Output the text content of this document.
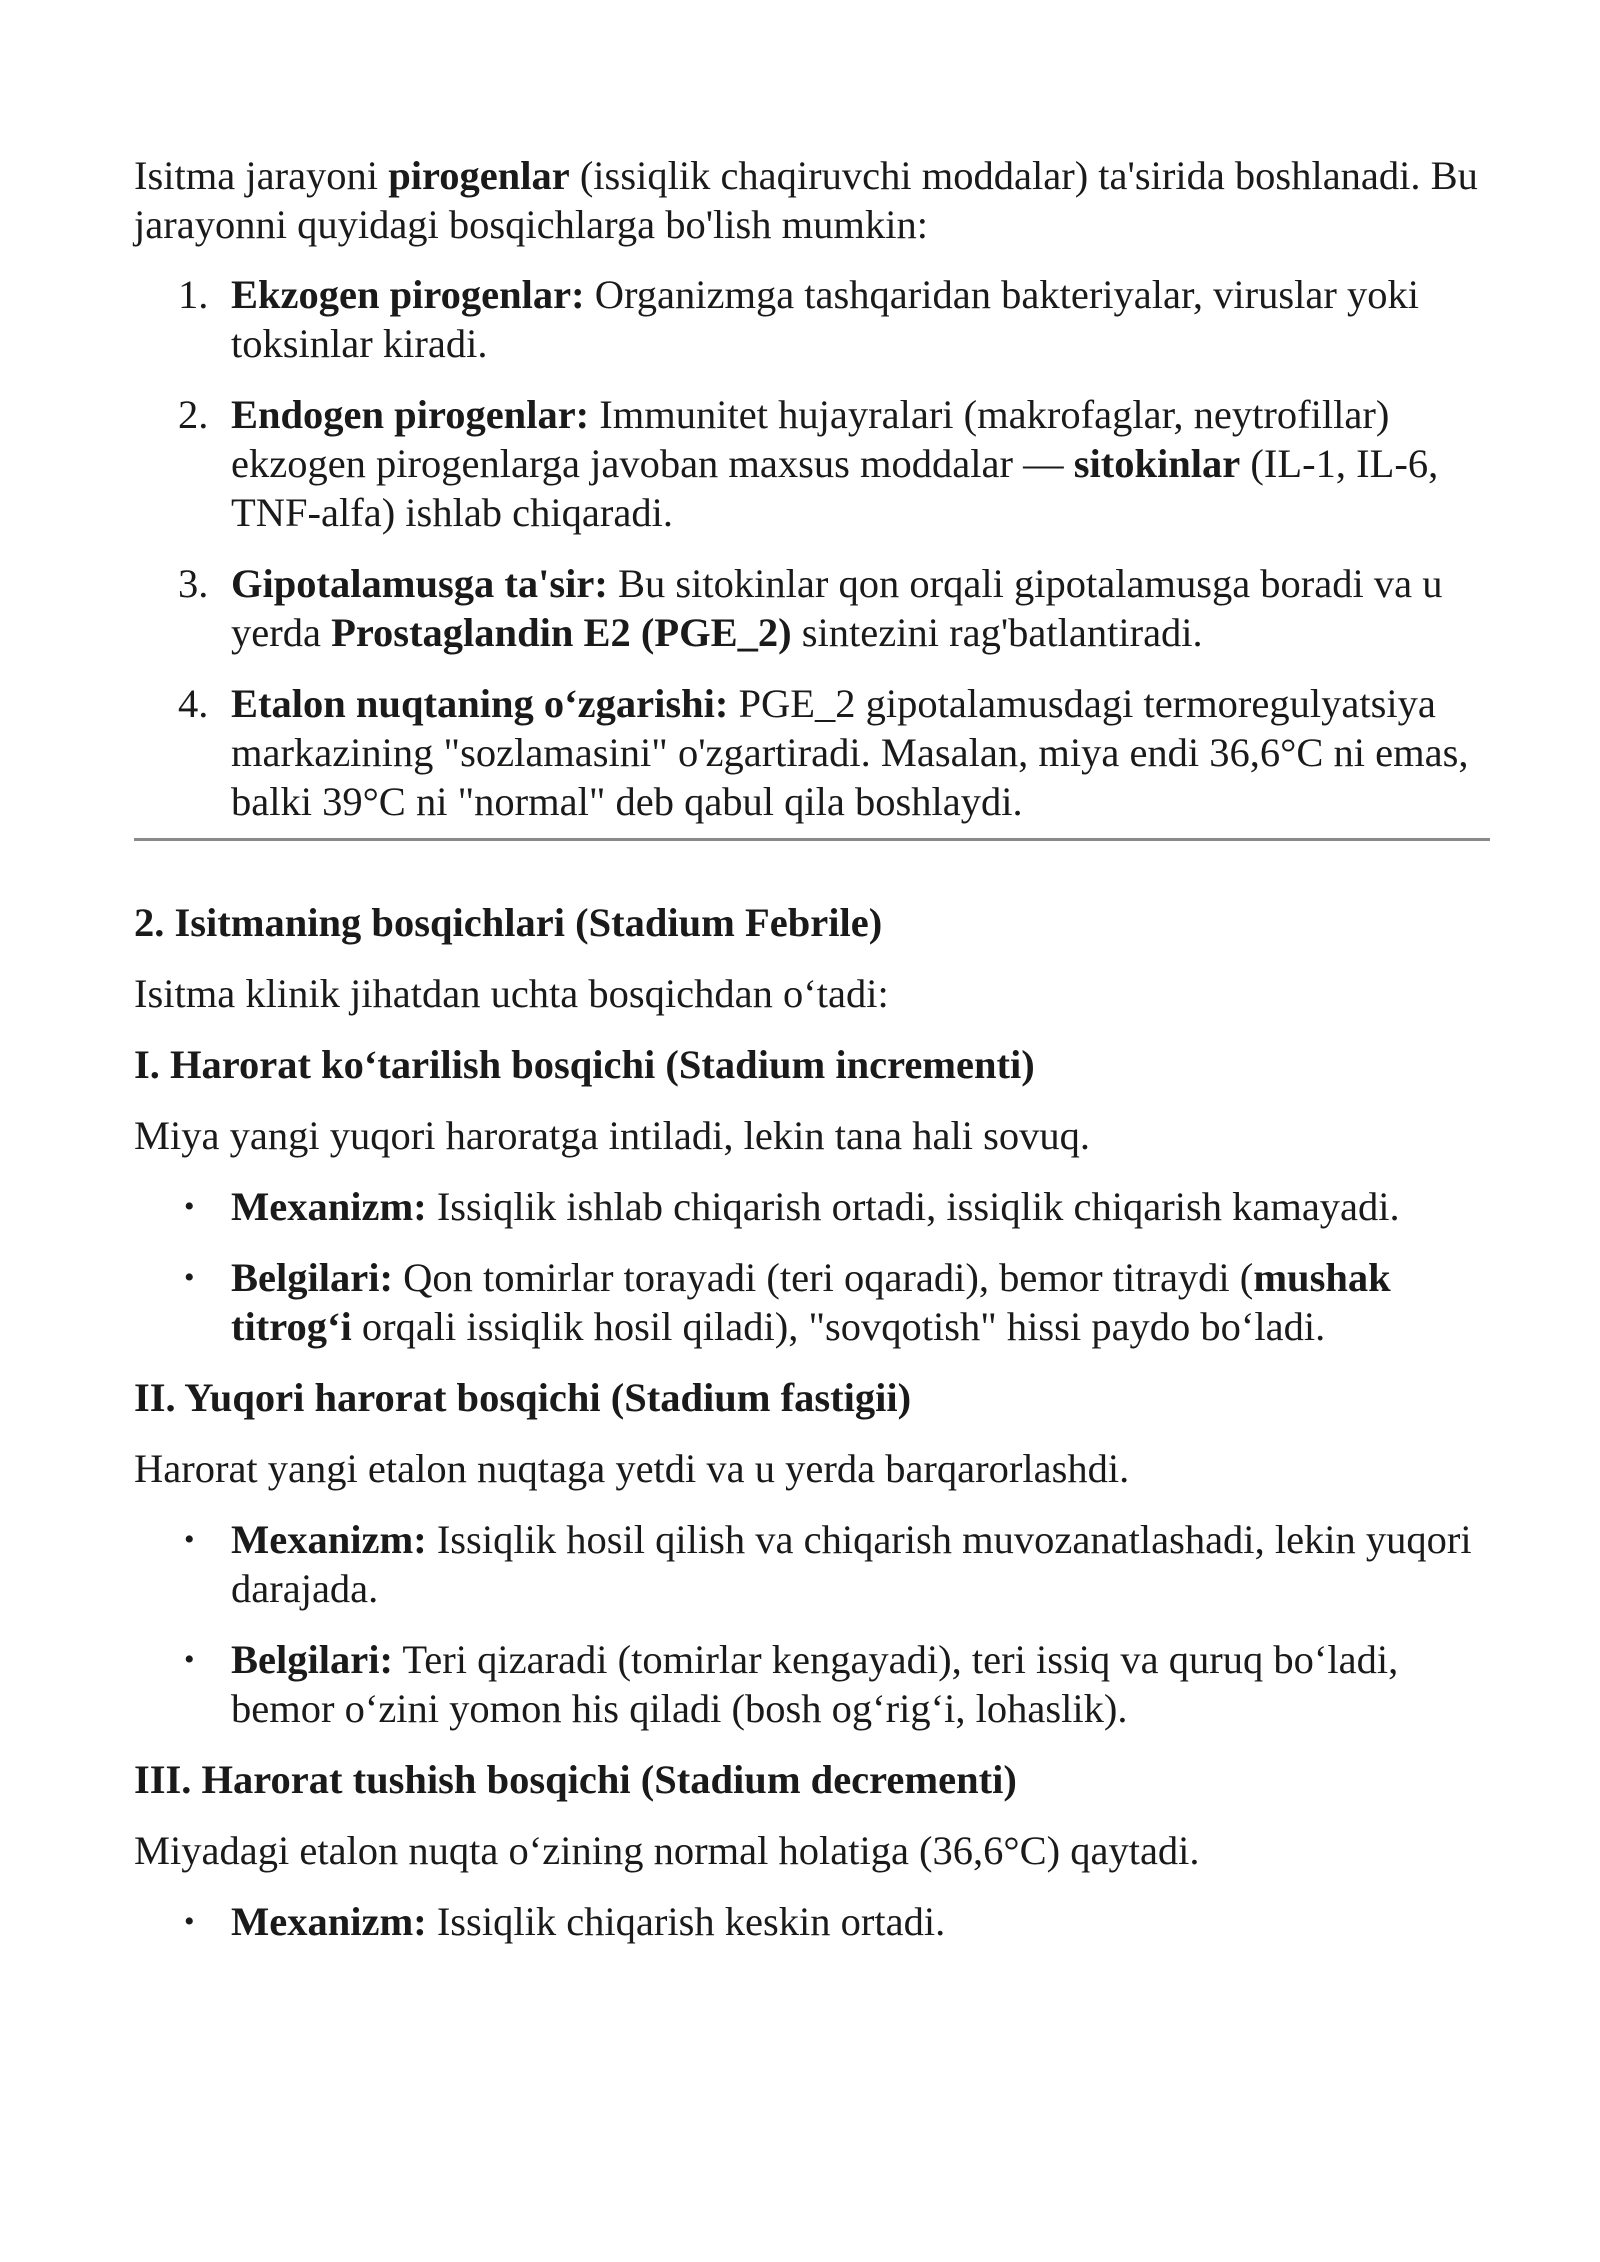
Isitma jarayoni pirogenlar (issiqlik chaqiruvchi moddalar) ta'sirida boshlanadi. Bu jarayonni quyidagi bosqichlarga bo'lish mumkin:

1. Ekzogen pirogenlar: Organizmga tashqaridan bakteriyalar, viruslar yoki toksinlar kiradi.
2. Endogen pirogenlar: Immunitet hujayralari (makrofaglar, neytrofillar) ekzogen pirogenlarga javoban maxsus moddalar — sitokinlar (IL-1, IL-6, TNF-alfa) ishlab chiqaradi.
3. Gipotalamusga ta'sir: Bu sitokinlar qon orqali gipotalamusga boradi va u yerda Prostaglandin E2 (PGE_2) sintezini rag'batlantiradi.
4. Etalon nuqtaning o‘zgarishi: PGE_2 gipotalamusdagi termoregulyatsiya markazining "sozlamasini" o'zgartiradi. Masalan, miya endi 36,6°C ni emas, balki 39°C ni "normal" deb qabul qila boshlaydi.
2. Isitmaning bosqichlari (Stadium Febrile)

Isitma klinik jihatdan uchta bosqichdan o‘tadi:

I. Harorat ko‘tarilish bosqichi (Stadium incrementi)

Miya yangi yuqori haroratga intiladi, lekin tana hali sovuq.

• Mexanizm: Issiqlik ishlab chiqarish ortadi, issiqlik chiqarish kamayadi.
• Belgilari: Qon tomirlar torayadi (teri oqaradi), bemor titraydi (mushak titrog‘i orqali issiqlik hosil qiladi), "sovqotish" hissi paydo bo‘ladi.
II. Yuqori harorat bosqichi (Stadium fastigii)

Harorat yangi etalon nuqtaga yetdi va u yerda barqarorlashdi.

• Mexanizm: Issiqlik hosil qilish va chiqarish muvozanatlashadi, lekin yuqori darajada.
• Belgilari: Teri qizaradi (tomirlar kengayadi), teri issiq va quruq bo‘ladi, bemor o‘zini yomon his qiladi (bosh og‘rig‘i, lohaslik).
III. Harorat tushish bosqichi (Stadium decrementi)

Miyadagi etalon nuqta o‘zining normal holatiga (36,6°C) qaytadi.

• Mexanizm: Issiqlik chiqarish keskin ortadi.
